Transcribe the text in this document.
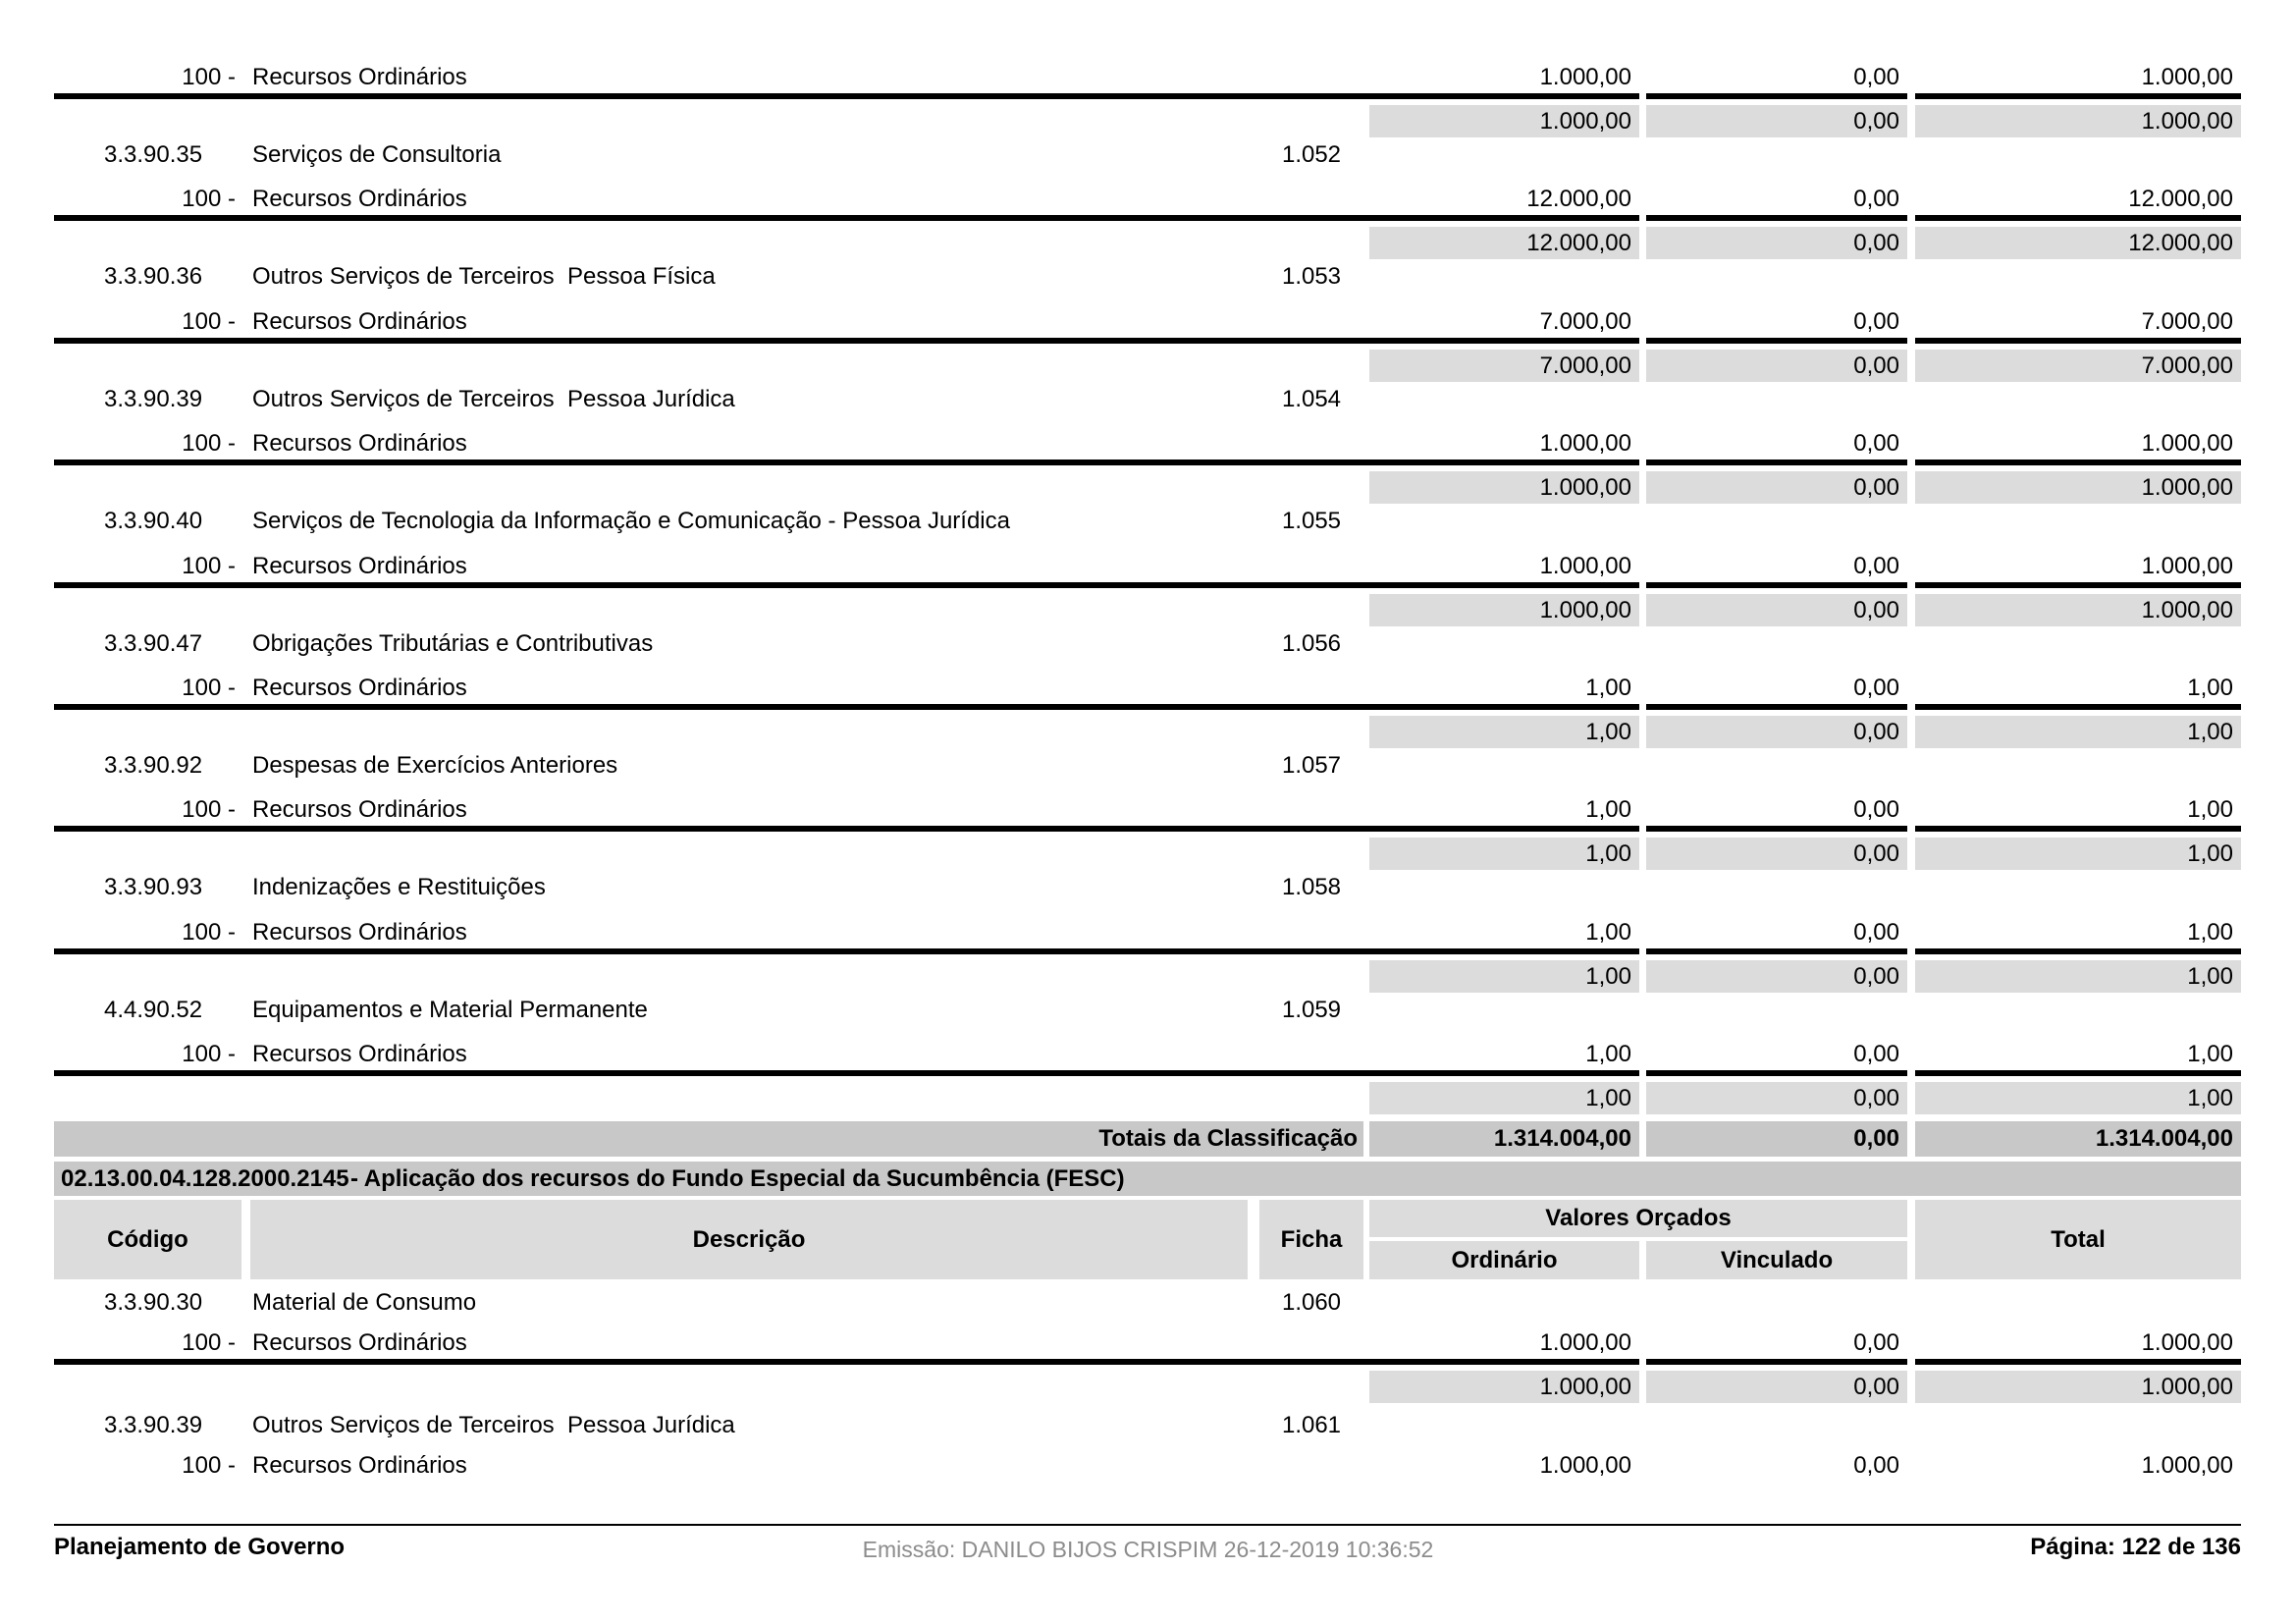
100 - Recursos Ordinários	1.000,00	0,00	1.000,00
1.000,00	0,00	1.000,00
3.3.90.35	Serviços de Consultoria	1.052
100 - Recursos Ordinários	12.000,00	0,00	12.000,00
12.000,00	0,00	12.000,00
3.3.90.36	Outros Serviços de Terceiros  Pessoa Física	1.053
100 - Recursos Ordinários	7.000,00	0,00	7.000,00
7.000,00	0,00	7.000,00
3.3.90.39	Outros Serviços de Terceiros  Pessoa Jurídica	1.054
100 - Recursos Ordinários	1.000,00	0,00	1.000,00
1.000,00	0,00	1.000,00
3.3.90.40	Serviços de Tecnologia da Informação e Comunicação - Pessoa Jurídica	1.055
100 - Recursos Ordinários	1.000,00	0,00	1.000,00
1.000,00	0,00	1.000,00
3.3.90.47	Obrigações Tributárias e Contributivas	1.056
100 - Recursos Ordinários	1,00	0,00	1,00
1,00	0,00	1,00
3.3.90.92	Despesas de Exercícios Anteriores	1.057
100 - Recursos Ordinários	1,00	0,00	1,00
1,00	0,00	1,00
3.3.90.93	Indenizações e Restituições	1.058
100 - Recursos Ordinários	1,00	0,00	1,00
1,00	0,00	1,00
4.4.90.52	Equipamentos e Material Permanente	1.059
100 - Recursos Ordinários	1,00	0,00	1,00
1,00	0,00	1,00
3.3.90.30	Material de Consumo	1.060
100 - Recursos Ordinários	1.000,00	0,00	1.000,00
1.000,00	0,00	1.000,00
3.3.90.39	Outros Serviços de Terceiros  Pessoa Jurídica	1.061
100 - Recursos Ordinários	1.000,00	0,00	1.000,00
Totais da Classificação	1.314.004,00	0,00	1.314.004,00
02.13.00.04.128.2000.2145 - Aplicação dos recursos do Fundo Especial da Sucumbência (FESC)
Código	Descrição	Ficha
Valores Orçados
Ordinário	Vinculado
Total
Planejamento de Governo	Emissão: DANILO BIJOS CRISPIM 26-12-2019 10:36:52	Página: 122 de 136
